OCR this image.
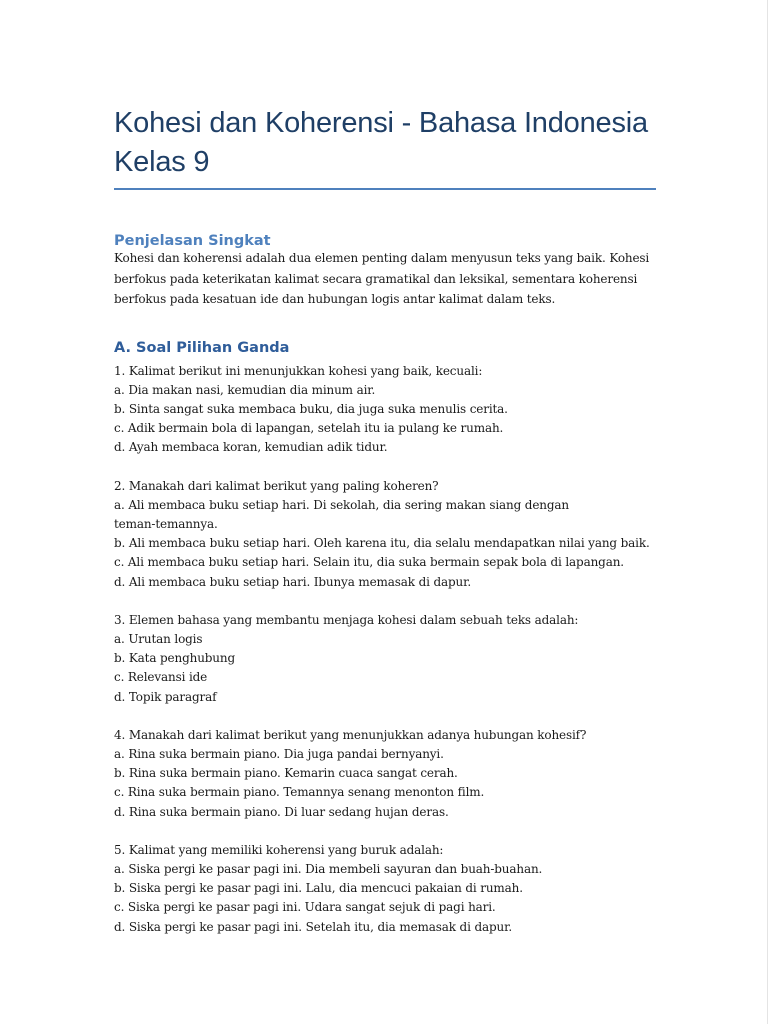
Kohesi dan Koherensi - Bahasa Indonesia Kelas 9
Penjelasan Singkat

Kohesi dan koherensi adalah dua elemen penting dalam menyusun teks yang baik. Kohesi berfokus pada keterikatan kalimat secara gramatikal dan leksikal, sementara koherensi berfokus pada kesatuan ide dan hubungan logis antar kalimat dalam teks.

A. Soal Pilihan Ganda

1. Kalimat berikut ini menunjukkan kohesi yang baik, kecuali:

a. Dia makan nasi, kemudian dia minum air.

b. Sinta sangat suka membaca buku, dia juga suka menulis cerita.

c. Adik bermain bola di lapangan, setelah itu ia pulang ke rumah.

d. Ayah membaca koran, kemudian adik tidur.

2. Manakah dari kalimat berikut yang paling koheren?

a. Ali membaca buku setiap hari. Di sekolah, dia sering makan siang dengan teman-temannya.

b. Ali membaca buku setiap hari. Oleh karena itu, dia selalu mendapatkan nilai yang baik.

c. Ali membaca buku setiap hari. Selain itu, dia suka bermain sepak bola di lapangan.

d. Ali membaca buku setiap hari. Ibunya memasak di dapur.

3. Elemen bahasa yang membantu menjaga kohesi dalam sebuah teks adalah:

a. Urutan logis

b. Kata penghubung

c. Relevansi ide

d. Topik paragraf

4. Manakah dari kalimat berikut yang menunjukkan adanya hubungan kohesif?

a. Rina suka bermain piano. Dia juga pandai bernyanyi.

b. Rina suka bermain piano. Kemarin cuaca sangat cerah.

c. Rina suka bermain piano. Temannya senang menonton film.

d. Rina suka bermain piano. Di luar sedang hujan deras.

5. Kalimat yang memiliki koherensi yang buruk adalah:

a. Siska pergi ke pasar pagi ini. Dia membeli sayuran dan buah-buahan.

b. Siska pergi ke pasar pagi ini. Lalu, dia mencuci pakaian di rumah.

c. Siska pergi ke pasar pagi ini. Udara sangat sejuk di pagi hari.

d. Siska pergi ke pasar pagi ini. Setelah itu, dia memasak di dapur.
